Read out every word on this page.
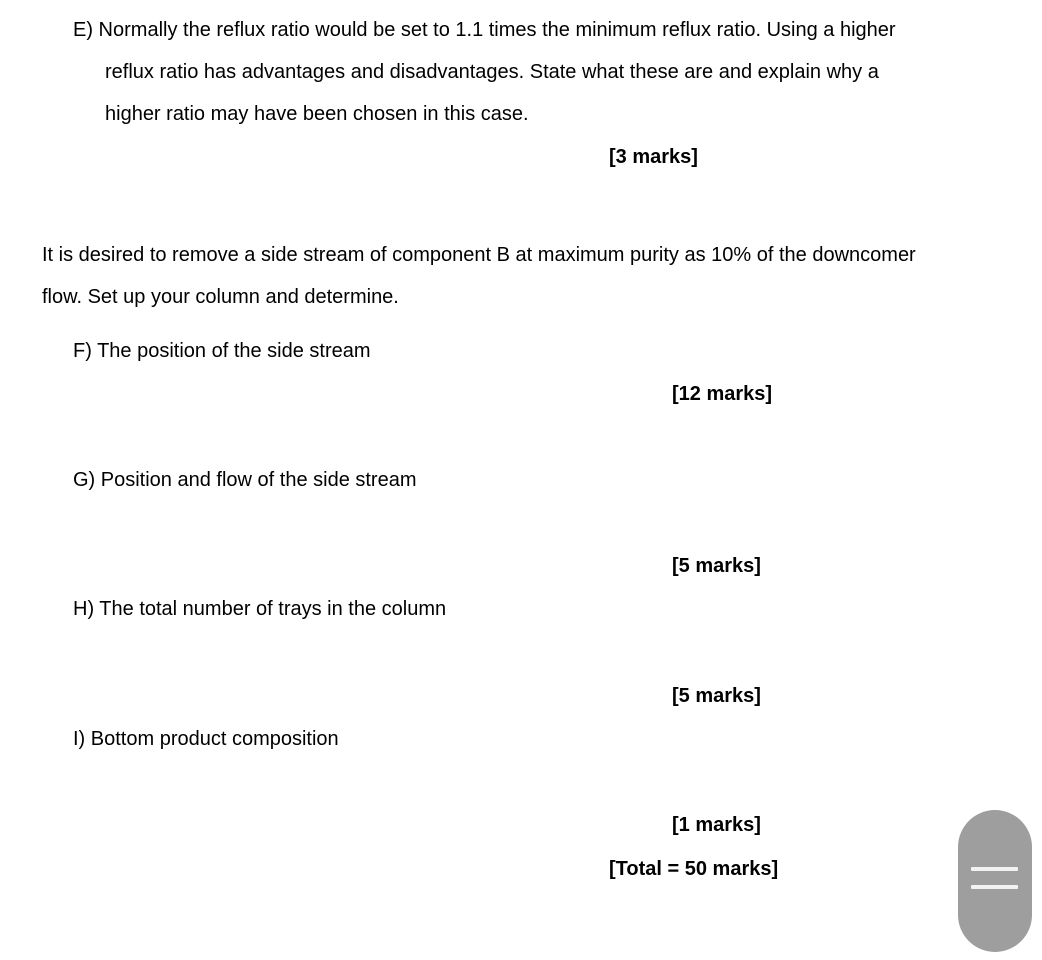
E) Normally the reflux ratio would be set to 1.1 times the minimum reflux ratio. Using a higher
reflux ratio has advantages and disadvantages. State what these are and explain why a
higher ratio may have been chosen in this case.
[3 marks]
It is desired to remove a side stream of component B at maximum purity as 10% of the downcomer
flow. Set up your column and determine.
F) The position of the side stream
[12 marks]
G) Position and flow of the side stream
[5 marks]
H) The total number of trays in the column
[5 marks]
I) Bottom product composition
[1 marks]
[Total = 50 marks]
